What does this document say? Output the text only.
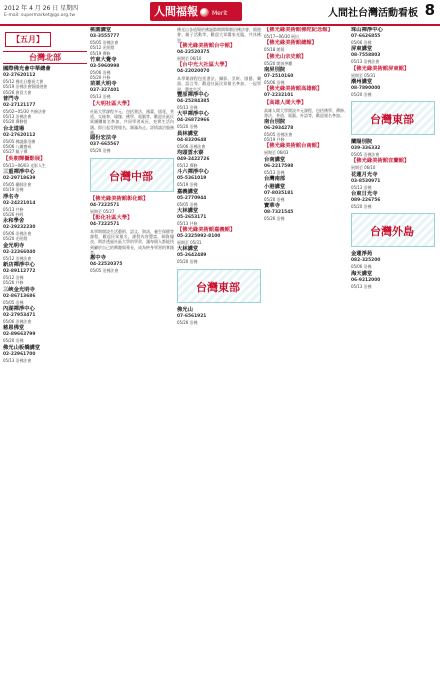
2012 年 4 月 26 日 星期四
E-mail: supermarket@gs.org.tw	人間福報 Merit Times
人間社台灣活動看板 8
【五月】
台灣北部
國際佛光會中華總會
02-27620112
05/12 佛光日慶祝大會
05/19 浴佛法會暨園遊會
05/26 會員大會
普門寺
02-27121177
05/02~05/30 共修法會
05/13 浴佛法會
05/20 禪修營
台北道場
02-27620112
05/05 佛誕節浴佛
05/06 八關齋戒
05/27 親子禪
【吳朝輝攝影展】
05/11~06/03 光影人生
三重禪淨中心
02-29718639
05/05 藥師法會
05/19 浴佛
淨名寺
02-24221014
05/13 共修
05/26 抄經
永和學舍
02-29232230
05/06 浴佛法會
05/20 光明燈
金光明寺
02-22366040
05/12 浴佛法會
新店禪淨中心
02-89112772
05/12 浴佛
05/26 共修
三峽金光明寺
02-86713686
05/05 浴佛
內湖禪淨中心
02-27953471
05/06 浴佛法會
慈恩佛堂
02-89663799
05/20 浴佛
佛光山板橋講堂
02-22961700
05/13 浴佛法會
桃園講堂
03-3555777
05/05 浴佛法會
05/12 光明燈
05/19 禪修
竹東大覺寺
03-5960998
05/06 浴佛
05/20 共修
苗栗大明寺
037-327401
05/13 浴佛
【大明社區大學】
社區大學課程多元，包括書法、國畫、插花、茶道、太極拳、瑜伽、佛學、電腦等，歡迎社區民眾踴躍報名參加，共同學習成長，充實生活內涵。即日起受理報名，額滿為止。詳情請洽服務處。
頭份宏法寺
037-665567
05/20 浴佛
台灣中部
【佛光緣美術館彰化館】
04-7222571
展期至 05/27
【彰化社區大學】
04-7222571
本學期開設生活藝術、語文、資訊、養生保健等課程，歡迎民眾報名。課程內容豐富，師資優良，期許透過社區大學的學習，讓每個人都能找到屬於自己的興趣與專長，成為終身學習的實踐者。
惠中寺
04-22520375
05/05 浴佛法會
佛光山各道場於佛誕節期間舉辦浴佛法會、園遊會、親子活動等，歡迎大眾闔家光臨，共沐佛恩。
【佛光緣美術館台中館】
04-22520375
展期至 06/10
【台中光大社區大學】
04-22020070
本學期課程包括書法、攝影、烹飪、園藝、樂器、語言等，歡迎社區民眾報名參加，一起學習，豐富生活。
豐原禪淨中心
04-25284385
05/13 浴佛
大甲禪淨中心
04-26872966
05/20 浴佛
員林講堂
04-8320648
05/06 浴佛法會
均頭雲水寮
049-2422726
05/12 禪修
斗六禪淨中心
05-5361019
05/19 浴佛
嘉義講堂
05-2770944
05/05 浴佛
大林講堂
05-2653171
05/13 共修
【佛光緣美術館嘉義館】
05-2325992-8100
展期至 05/31
大林講堂
05-2642489
05/20 浴佛
台灣東部
佛光山
07-6561921
05/26 浴佛
【佛光緣美術館佛陀紀念館】
05/17~06/30 展出
【佛光緣美術館總館】
05/18 開幕
【佛光山宗史館】
05/20 開放參觀
南屏別院
07-2510160
05/06 浴佛
【佛光緣美術館高雄館】
07-2232101
【高雄人間大學】
高雄人間大學開設多元課程，包括佛學、禪修、書法、茶道、電腦、外語等，歡迎報名參加。
南台別院
06-2934278
05/05 浴佛法會
05/19 共修
【佛光緣美術館台南館】
展期至 06/03
台南講堂
06-2217598
05/13 浴佛
台灣南部
小港講堂
07-8035181
05/20 浴佛
寶華寺
08-7321545
05/26 浴佛
珠山禪淨中心
07-6626855
05/06 浴佛
屏東講堂
08-7558803
05/13 浴佛法會
【佛光緣美術館屏東館】
展期至 05/31
潮州講堂
08-7890000
05/20 浴佛
台灣東部
蘭陽別院
039-336332
05/05 浴佛法會
【佛光緣美術館宜蘭館】
展期至 06/10
花蓮月光寺
03-8530971
05/13 浴佛
台東日光寺
089-226756
05/20 浴佛
台灣外島
金蓮淨苑
082-325200
05/06 浴佛
海天講堂
06-9212000
05/13 浴佛
